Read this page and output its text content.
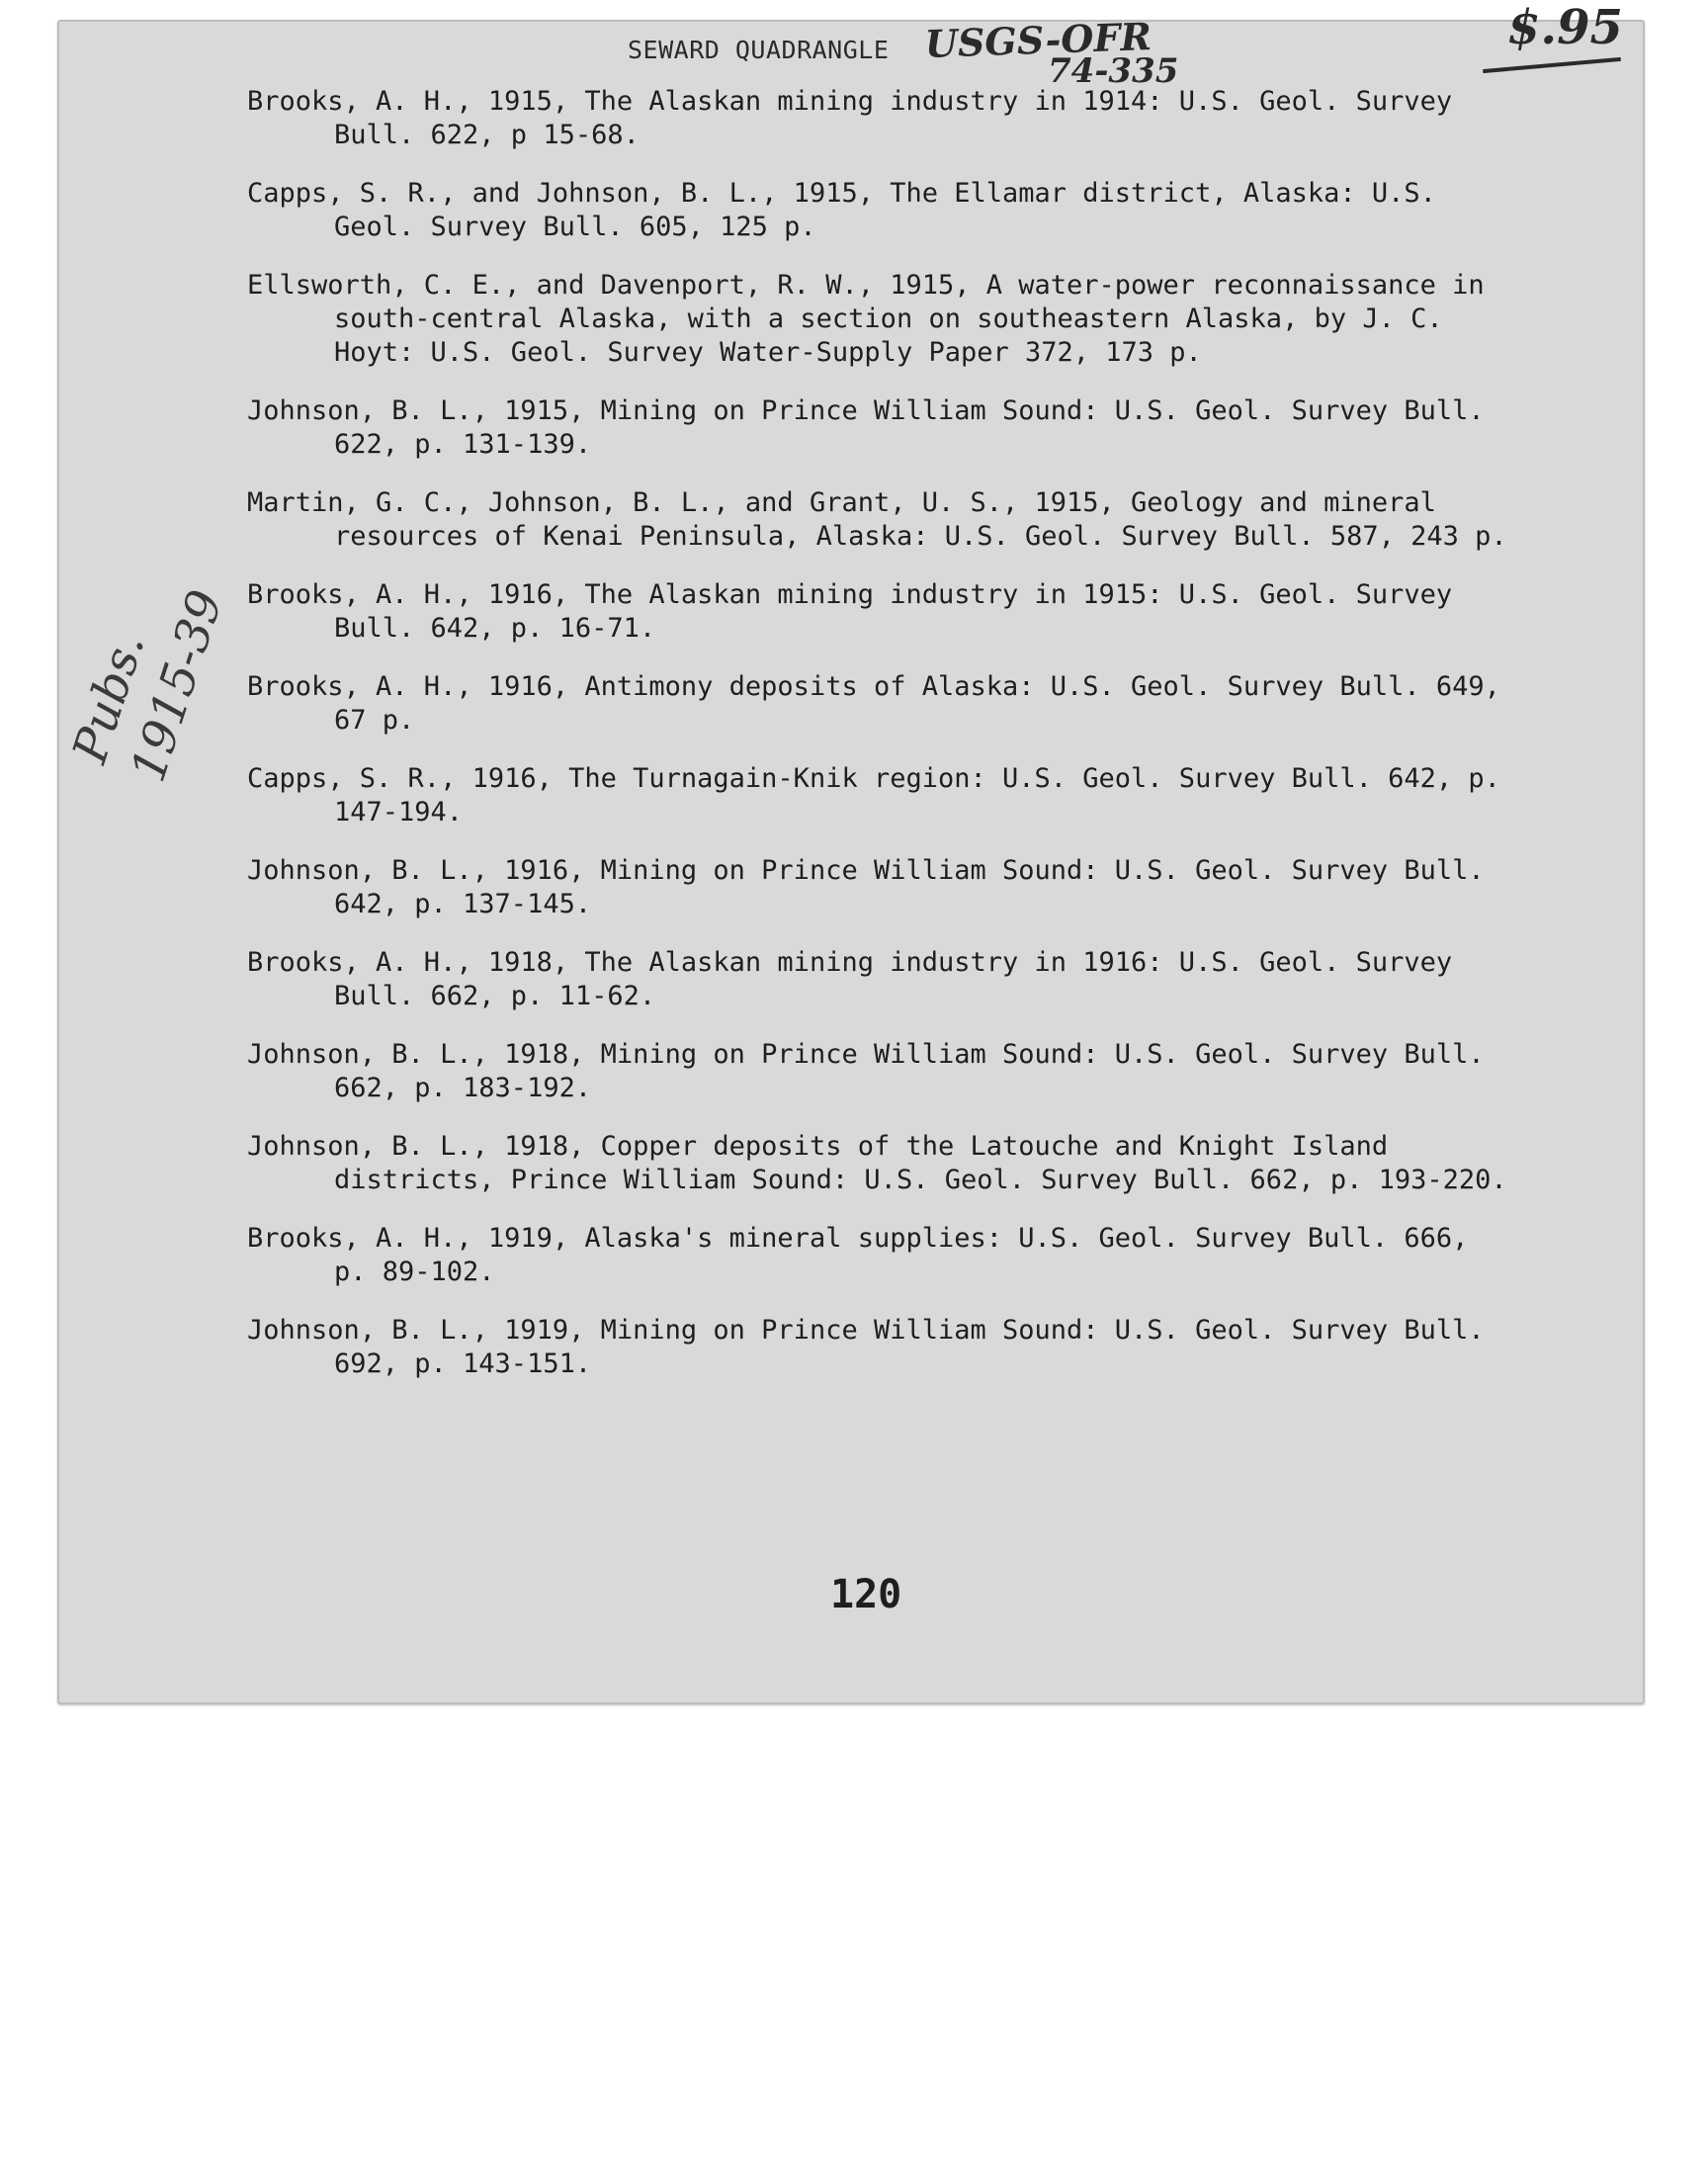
SEWARD QUADRANGLE USGS-OFR
74-335
$.95
Pubs.
1915-39
Brooks, A. H., 1915, The Alaskan mining industry in 1914: U.S. Geol. Survey Bull. 622, p 15-68.
Capps, S. R., and Johnson, B. L., 1915, The Ellamar district, Alaska: U.S. Geol. Survey Bull. 605, 125 p.
Ellsworth, C. E., and Davenport, R. W., 1915, A water-power reconnaissance in south-central Alaska, with a section on southeastern Alaska, by J. C. Hoyt: U.S. Geol. Survey Water-Supply Paper 372, 173 p.
Johnson, B. L., 1915, Mining on Prince William Sound: U.S. Geol. Survey Bull. 622, p. 131-139.
Martin, G. C., Johnson, B. L., and Grant, U. S., 1915, Geology and mineral resources of Kenai Peninsula, Alaska: U.S. Geol. Survey Bull. 587, 243 p.
Brooks, A. H., 1916, The Alaskan mining industry in 1915: U.S. Geol. Survey Bull. 642, p. 16-71.
Brooks, A. H., 1916, Antimony deposits of Alaska: U.S. Geol. Survey Bull. 649, 67 p.
Capps, S. R., 1916, The Turnagain-Knik region: U.S. Geol. Survey Bull. 642, p. 147-194.
Johnson, B. L., 1916, Mining on Prince William Sound: U.S. Geol. Survey Bull. 642, p. 137-145.
Brooks, A. H., 1918, The Alaskan mining industry in 1916: U.S. Geol. Survey Bull. 662, p. 11-62.
Johnson, B. L., 1918, Mining on Prince William Sound: U.S. Geol. Survey Bull. 662, p. 183-192.
Johnson, B. L., 1918, Copper deposits of the Latouche and Knight Island districts, Prince William Sound: U.S. Geol. Survey Bull. 662, p. 193-220.
Brooks, A. H., 1919, Alaska's mineral supplies: U.S. Geol. Survey Bull. 666, p. 89-102.
Johnson, B. L., 1919, Mining on Prince William Sound: U.S. Geol. Survey Bull. 692, p. 143-151.
120
